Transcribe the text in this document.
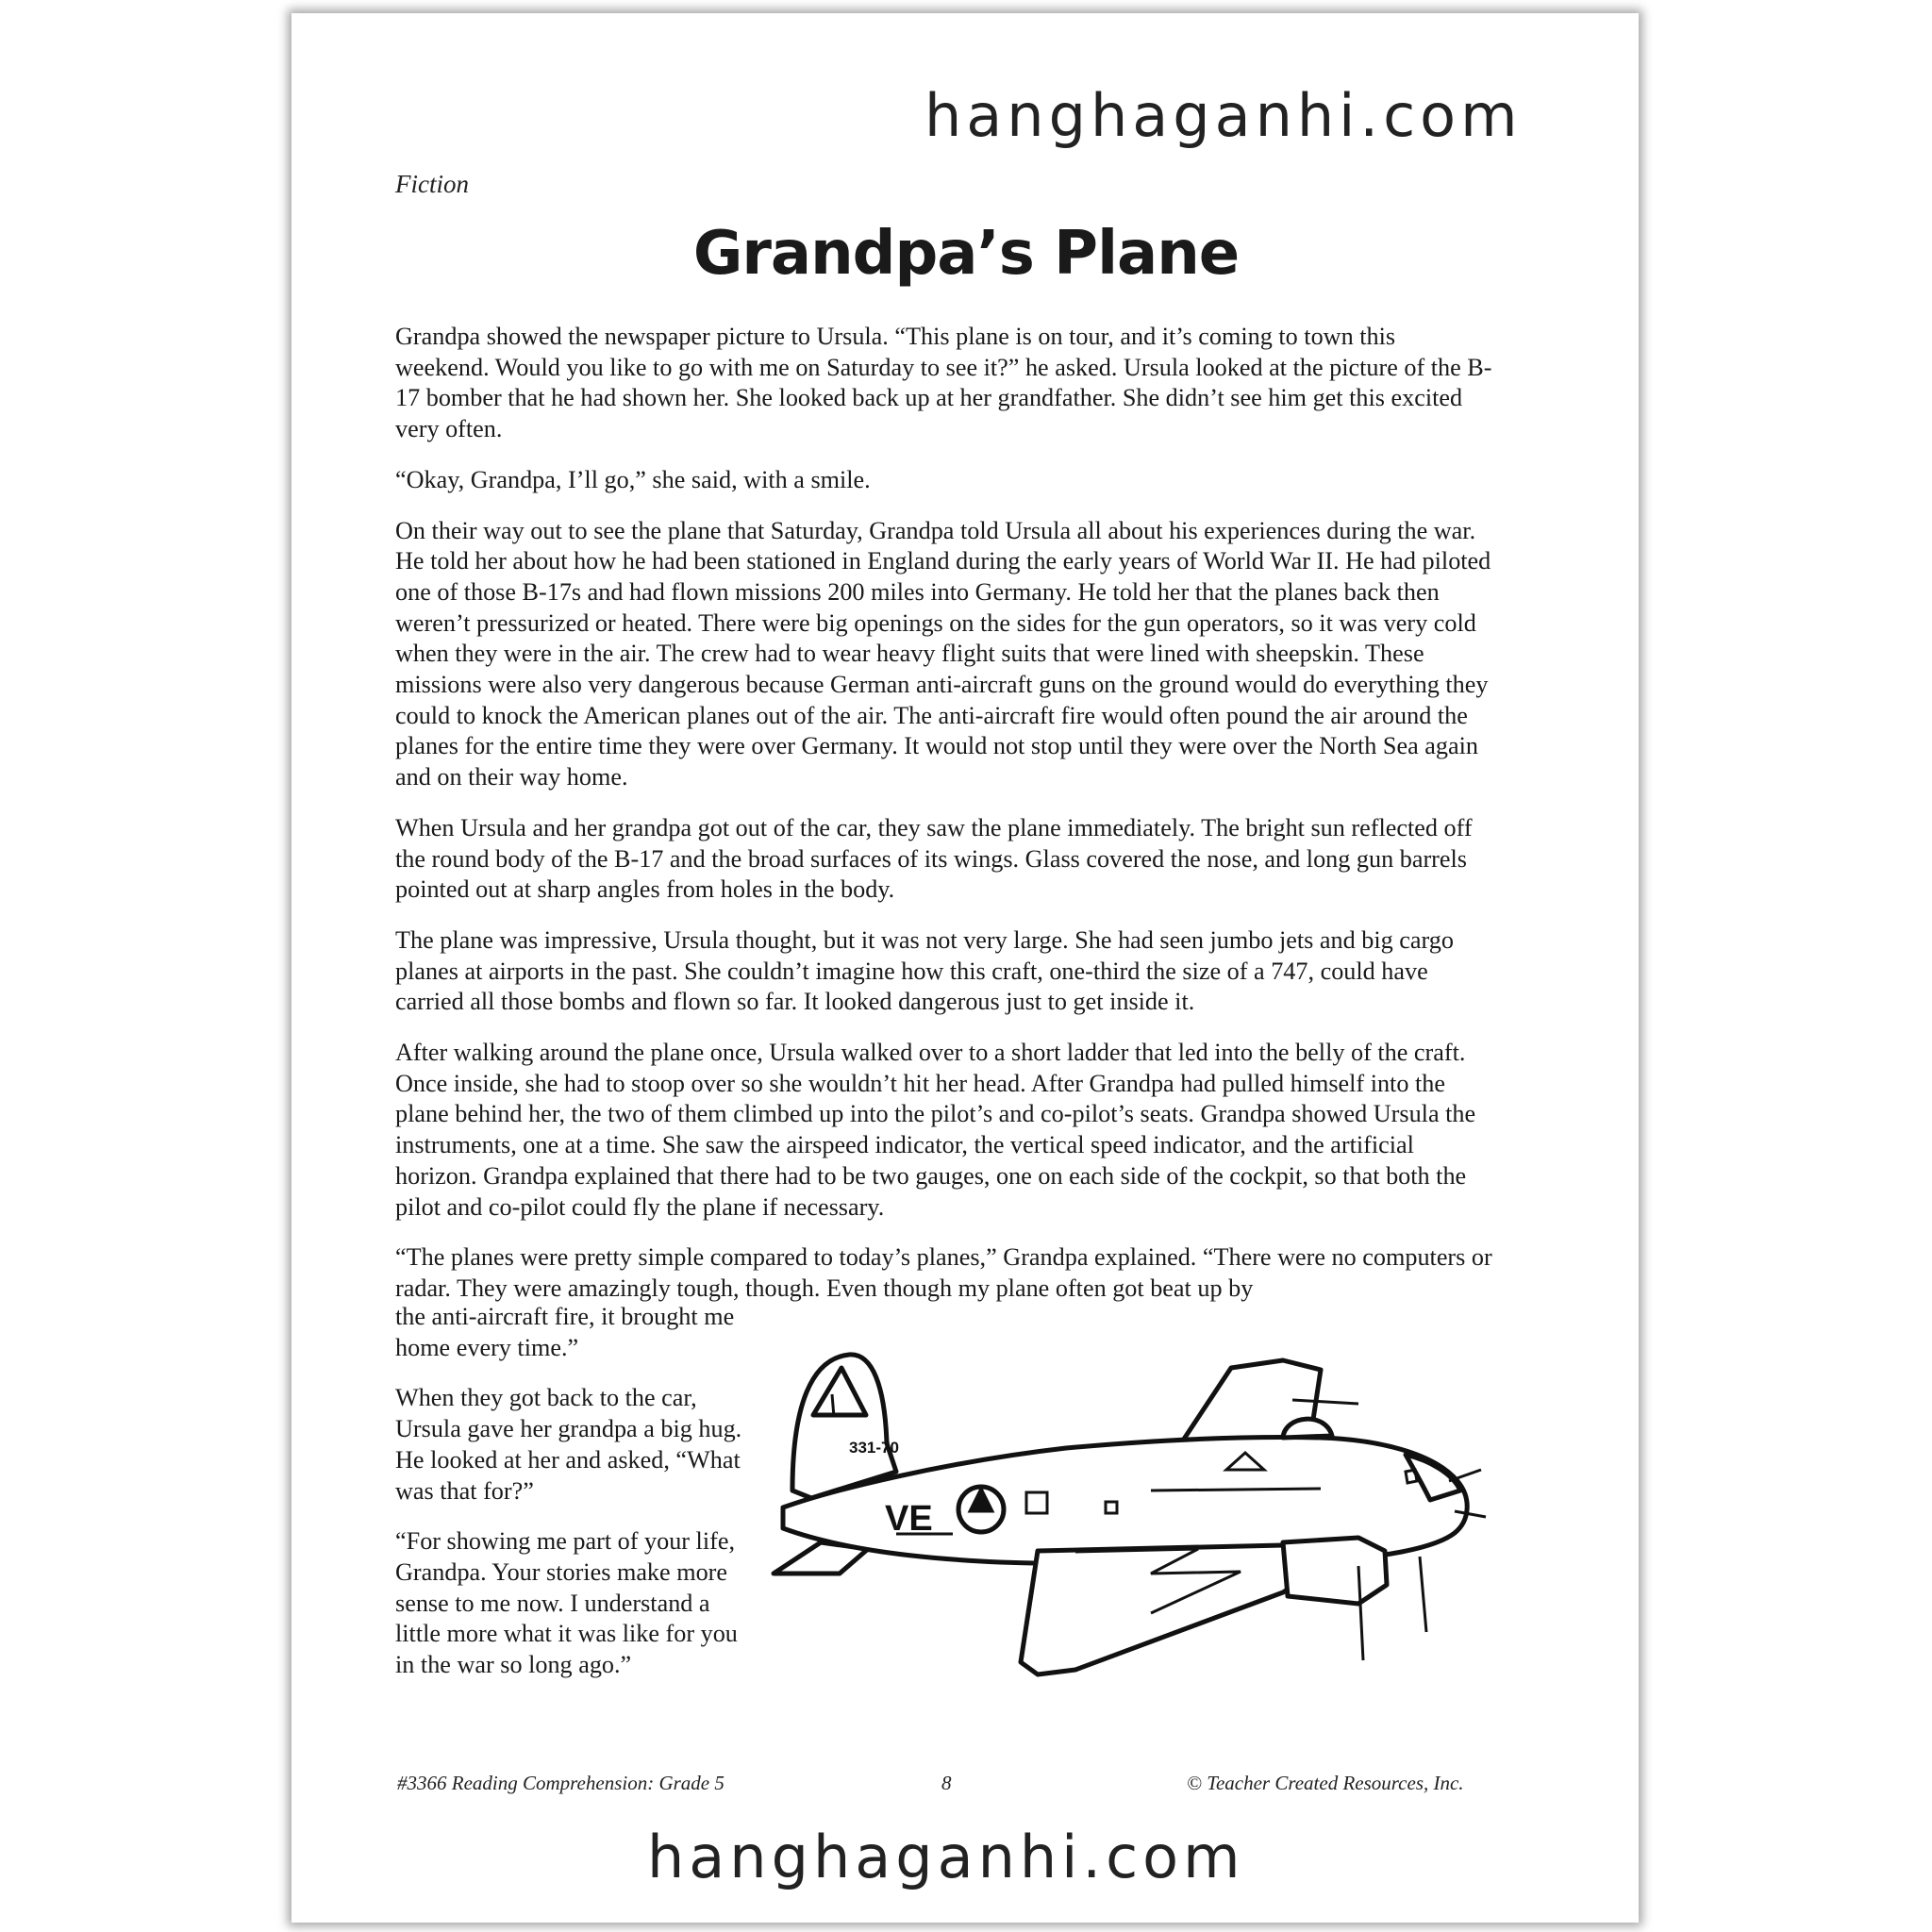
hanghaganhi.com
Fiction
Grandpa’s Plane

Grandpa showed the newspaper picture to Ursula. “This plane is on tour, and it’s coming to town this weekend. Would you like to go with me on Saturday to see it?” he asked. Ursula looked at the picture of the B-17 bomber that he had shown her. She looked back up at her grandfather. She didn’t see him get this excited very often.

“Okay, Grandpa, I’ll go,” she said, with a smile.

On their way out to see the plane that Saturday, Grandpa told Ursula all about his experiences during the war. He told her about how he had been stationed in England during the early years of World War II. He had piloted one of those B-17s and had flown missions 200 miles into Germany. He told her that the planes back then weren’t pressurized or heated. There were big openings on the sides for the gun operators, so it was very cold when they were in the air. The crew had to wear heavy flight suits that were lined with sheepskin. These missions were also very dangerous because German anti-aircraft guns on the ground would do everything they could to knock the American planes out of the air. The anti-aircraft fire would often pound the air around the planes for the entire time they were over Germany. It would not stop until they were over the North Sea again and on their way home.

When Ursula and her grandpa got out of the car, they saw the plane immediately. The bright sun reflected off the round body of the B-17 and the broad surfaces of its wings. Glass covered the nose, and long gun barrels pointed out at sharp angles from holes in the body.

The plane was impressive, Ursula thought, but it was not very large. She had seen jumbo jets and big cargo planes at airports in the past. She couldn’t imagine how this craft, one-third the size of a 747, could have carried all those bombs and flown so far. It looked dangerous just to get inside it.

After walking around the plane once, Ursula walked over to a short ladder that led into the belly of the craft. Once inside, she had to stoop over so she wouldn’t hit her head. After Grandpa had pulled himself into the plane behind her, the two of them climbed up into the pilot’s and co-pilot’s seats. Grandpa showed Ursula the instruments, one at a time. She saw the airspeed indicator, the vertical speed indicator, and the artificial horizon. Grandpa explained that there had to be two gauges, one on each side of the cockpit, so that both the pilot and co-pilot could fly the plane if necessary.

“The planes were pretty simple compared to today’s planes,” Grandpa explained. “There were no computers or radar. They were amazingly tough, though. Even though my plane often got beat up by

the anti-aircraft fire, it brought me home every time.”

When they got back to the car, Ursula gave her grandpa a big hug. He looked at her and asked, “What was that for?”

“For showing me part of your life, Grandpa. Your stories make more sense to me now. I understand a little more what it was like for you in the war so long ago.”

331-70
VE
#3366 Reading Comprehension: Grade 5	8	© Teacher Created Resources, Inc.
hanghaganhi.com
